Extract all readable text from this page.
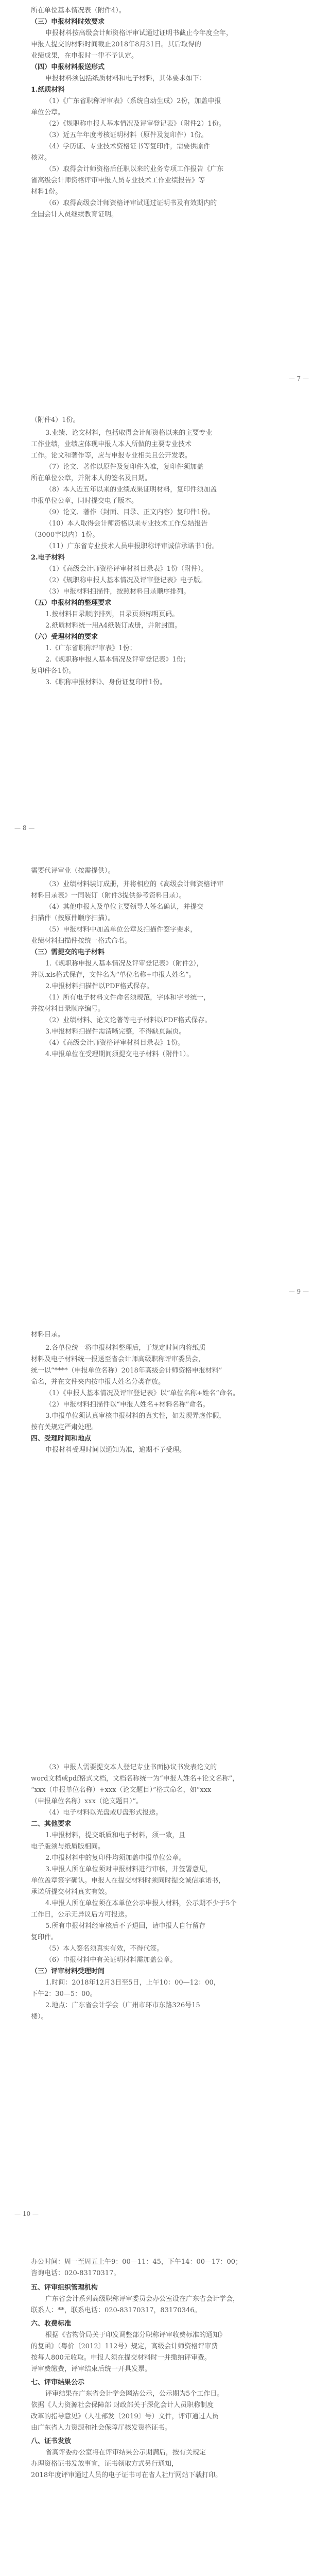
所在单位基本情况表（附件4）。
（三）申报材料时效要求
申报材料按高级会计师资格评审试通过证明书截止今年度全年，
申报人提交的材料时间截止2018年8月31日。其后取得的
业绩成果，在申报时一律不予认定。
（四）申报材料报送形式
申报材料须包括纸质材料和电子材料，其体要求如下：
1.纸质材料
（1）《广东省职称评审表》（系统自动生成）2份，加盖申报
单位公章。
（2）《规职称申报人基本情况及评审登记表》（附件2）1份。
（3）近五年年度考核证明材料（原件及复印件）1份。
（4）学历证、专业技术资格证书等复印件，需要供原件
核对。
（5）取得会计师资格后任职以来的业务专项工作报告《广东
省高级会计师资格评审申报人员专业技术工作业绩报告》等
材料1份。
（6）取得高级会计师资格评审试通过证明书及有效期内的
全国会计人员继续教育证明。
— 7 —
（附件4）1份。
3.业绩、论文材料，包括取得会计师资格以来的主要专业
工作业绩，业绩应体现申报人本人所做的主要专业技术
工作。论文和著作等，应与申报专业相关且公开发表。
（7）论文、著作以原件及复印件为准，复印件须加盖
所在单位公章，并附本人的签名及日期。
（8）本人近五年以来的业绩成果证明材料，复印件须加盖
申报单位公章，同时提交电子版本。
（9）论文、著作（封面、目录、正文内容）复印件1份。
（10）本人取得会计师资格以来专业技术工作总结报告
（3000字以内）1份。
（11）广东省专业技术人员申报职称评审诚信承诺书1份。
2.电子材料
（1）《高级会计师资格评审材料目录表》1份（附件）。
（2）《规职称申报人基本情况及评审登记表》电子版。
（3）申报材料扫描件，按照材料目录顺序排列。
（五）申报材料的整理要求
1.按材料目录顺序排列，目录页须标明页码。
2.纸质材料统一用A4纸装订成册，并附封面。
（六）受理材料的要求
1.《广东省职称评审表》1份；
2.《规职称申报人基本情况及评审登记表》1份；
复印件各1份。
3.《职称申报材料》、身份证复印件1份。
— 8 —
需要代评审业（按需提供）。
（3）业绩材料装订成册，并将相应的《高级会计师资格评审
材料目录表》一同装订（附件3提供参考资料目录）。
（4）其他申报人及单位主要领导人签名确认，并提交
扫描件（按原件顺序扫描）。
（5）申报材料中加盖单位公章及扫描件签字要求，
业绩材料扫描件按统一格式命名。
（三）需提交的电子材料
1.《规职称申报人基本情况及评审登记表》（附件2），
并以.xls格式保存，文件名为“单位名称+申报人姓名”。
2.申报材料扫描件以PDF格式保存。
（1）所有电子材料文件命名须规范，字体和字号统一，
并按材料目录顺序编号。
（2）业绩材料、论文论著等电子材料以PDF格式保存。
3.申报材料扫描件需清晰完整，不得缺页漏页。
（4）《高级会计师资格评审材料目录表》1份。
4.申报单位在受理期间须提交电子材料（附件1）。
— 9 —
材料目录。
2.各单位统一将申报材料整理后，于规定时间内将纸质
材料及电子材料统一报送至省会计师高级职称评审委员会，
统一以“****（申报单位名称）2018年高级会计师资格申报材料”
命名，并在文件夹内按申报人姓名分类存放。
（1）《申报人基本情况及评审登记表》以“单位名称+姓名”命名。
（2）申报材料扫描件以“申报人姓名+材料名称”命名。
3.申报单位须认真审核申报材料的真实性，如发现弄虚作假，
按有关规定严肃处理。
四、受理时间和地点
申报材料受理时间以通知为准，逾期不予受理。
（3）申报人需要提交本人登记专业书面协议书发表论文的
word文档或pdf格式文档，文档名称统一为“申报人姓名+论文名称”，
“xxx（申报单位名称）+xxx（论文题目）”格式命名，如“xxx
（申报单位名称）xxx（论文题目）”。
（4）电子材料以光盘或U盘形式报送。
二、其他要求
1.申报材料，提交纸质和电子材料，须一致，且
电子版须与纸质版相同。
2.申报材料中的复印件均须加盖申报单位公章。
3.申报人所在单位须对申报材料进行审核，并签署意见，
单位盖章签字确认。申报人在提交材料时须同时提交诚信承诺书，
承诺所提交材料真实有效。
4.申报人所在单位须在本单位公示申报人材料，公示期不少于5个
工作日，公示无异议后方可报送。
5.所有申报材料经审核后不予退回，请申报人自行留存
复印件。
（5）本人签名须真实有效，不得代签。
（6）申报材料中有关证明材料需加盖公章。
（三）评审材料受理时间
1.时间：2018年12月3日至5日，上午10：00—12：00，
下午2：30—5：00。
2.地点：广东省会计学会（广州市环市东路326号15
楼）。
— 10 —
办公时间：周一至周五上午9：00—11：45，下午14：00—17：00；
咨询电话：020-83170317。
五、评审组织管理机构
广东省会计系列高级职称评审委员会办公室设在广东省会计学会，
联系人：**，联系电话：020-83170317，83170346。
六、收费标准
根据《省物价局关于印发调整部分职称评审收费标准的通知》
的复函》（粤价〔2012〕112号）规定，高级会计师资格评审费
按每人800元收取。申报人须在提交材料时一并缴纳评审费。
评审费缴费，评审结束后统一开具发票。
七、评审结果公示
评审结果在广东省会计学会网站公示，公示期为5个工作日。
依据《人力资源社会保障部 财政部关于深化会计人员职称制度
改革的指导意见》（人社部发〔2019〕号）文件，评审通过人员
由广东省人力资源和社会保障厅核发资格证书。
八、证书发放
省高评委办公室将在评审结果公示期满后，按有关规定
办理资格证书发放事宜，证书领取方式另行通知，
2018年度评审通过人员的电子证书可在省人社厅网站下载打印。
